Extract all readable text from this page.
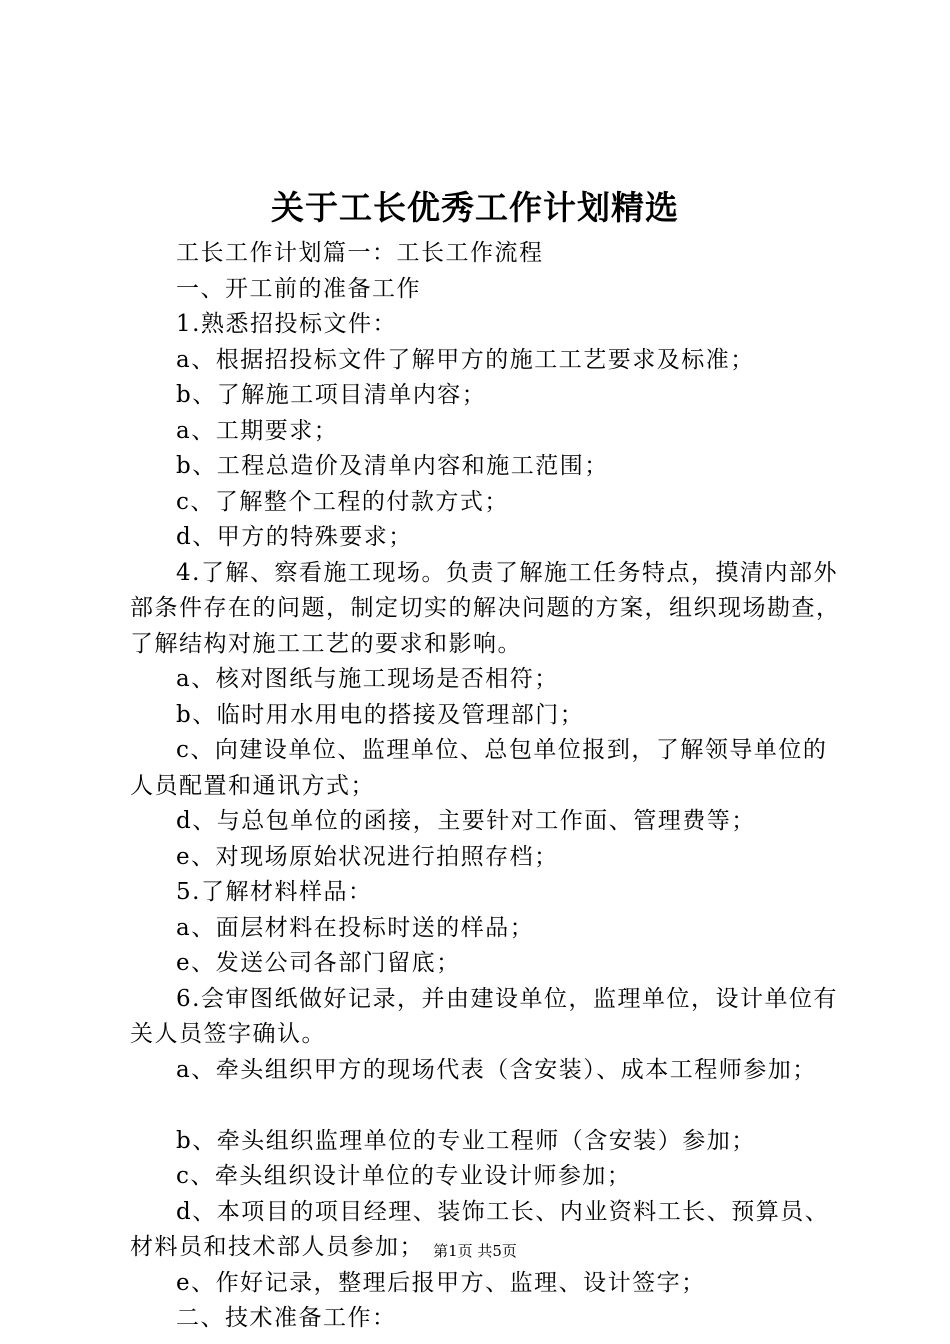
关于工长优秀工作计划精选

工长工作计划篇一：工长工作流程

一、开工前的准备工作

1.熟悉招投标文件：

a、根据招投标文件了解甲方的施工工艺要求及标准；

b、了解施工项目清单内容；

a、工期要求；

b、工程总造价及清单内容和施工范围；

c、了解整个工程的付款方式；

d、甲方的特殊要求；

4.了解、察看施工现场。负责了解施工任务特点，摸清内部外部条件存在的问题，制定切实的解决问题的方案，组织现场勘查，了解结构对施工工艺的要求和影响。

a、核对图纸与施工现场是否相符；

b、临时用水用电的搭接及管理部门；

c、向建设单位、监理单位、总包单位报到，了解领导单位的人员配置和通讯方式；

d、与总包单位的函接，主要针对工作面、管理费等；

e、对现场原始状况进行拍照存档；

5.了解材料样品：

a、面层材料在投标时送的样品；

e、发送公司各部门留底；

6.会审图纸做好记录，并由建设单位，监理单位，设计单位有关人员签字确认。

a、牵头组织甲方的现场代表（含安装）、成本工程师参加；

b、牵头组织监理单位的专业工程师（含安装）参加；

c、牵头组织设计单位的专业设计师参加；

d、本项目的项目经理、装饰工长、内业资料工长、预算员、材料员和技术部人员参加；

e、作好记录，整理后报甲方、监理、设计签字；

二、技术准备工作：

第1页 共5页
